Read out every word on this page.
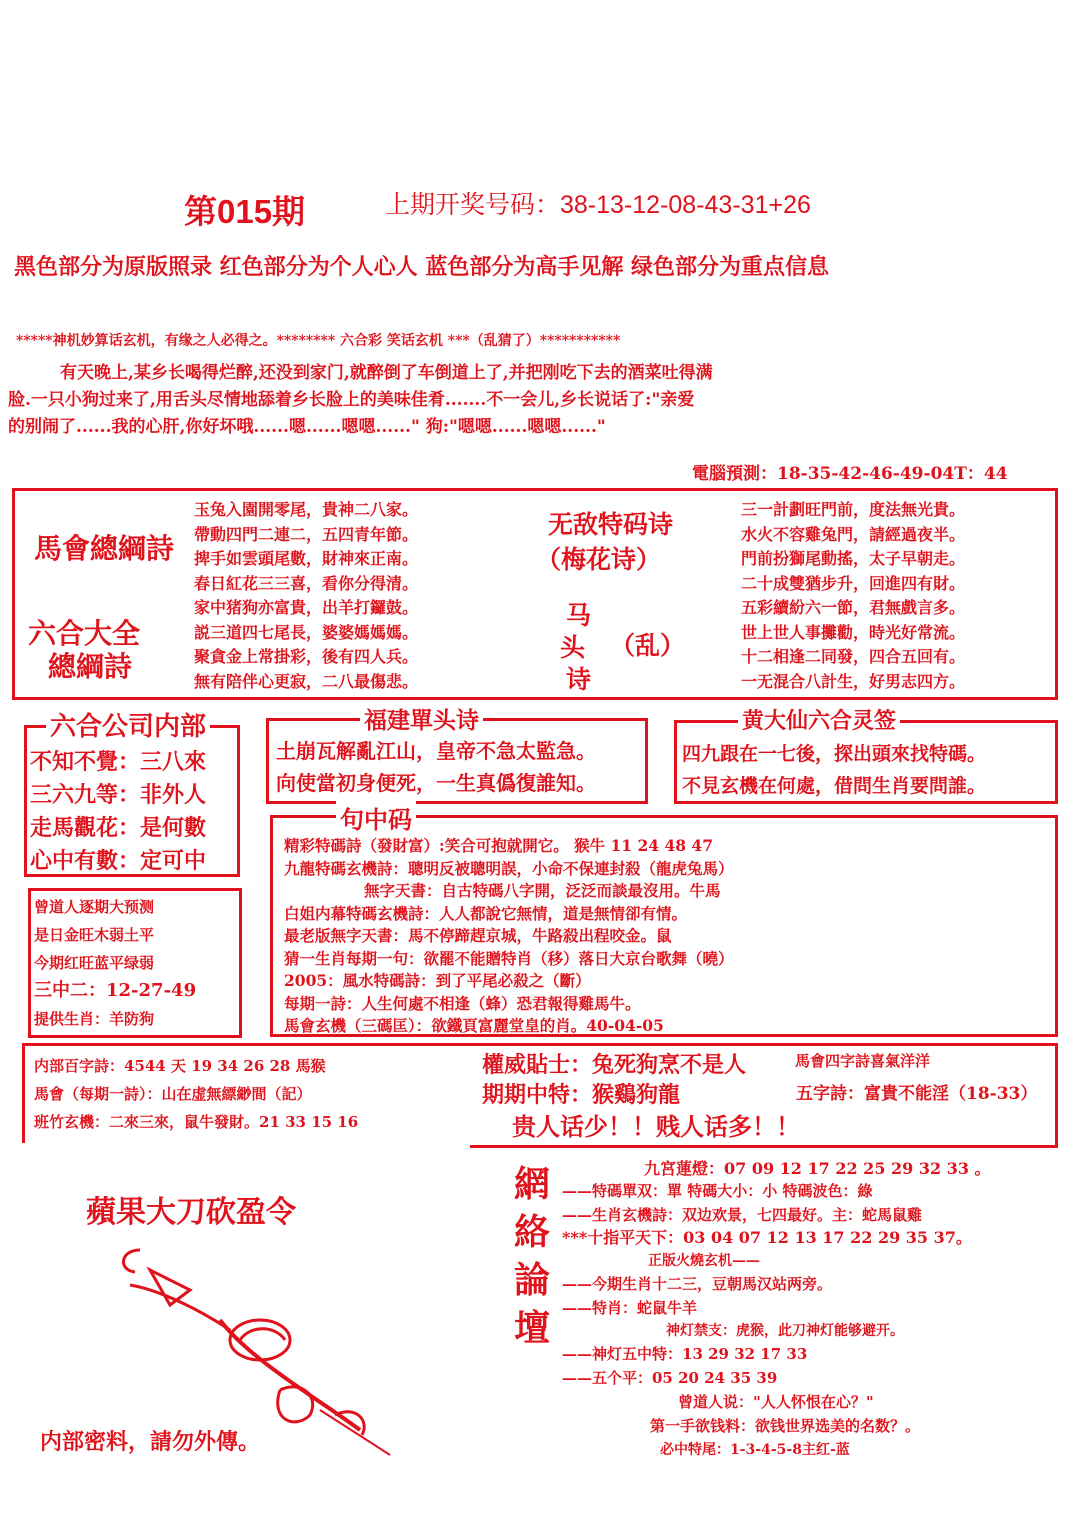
第015期	上期开奖号码：38-13-12-08-43-31+26
黑色部分为原版照录 红色部分为个人心人 蓝色部分为高手见解 绿色部分为重点信息
*****神机妙算话玄机，有缘之人必得之。******** 六合彩 笑话玄机 ***（乱猜了）***********
有天晚上,某乡长喝得烂醉,还没到家门,就醉倒了车倒道上了,并把刚吃下去的酒菜吐得满
脸.一只小狗过来了,用舌头尽情地舔着乡长脸上的美味佳肴.......不一会儿,乡长说话了:"亲爱
的别闹了......我的心肝,你好坏哦......嗯......嗯嗯......" 狗:"嗯嗯......嗯嗯......"
電腦預測：18-35-42-46-49-04T：44
馬會總綱詩
六合大全
總綱詩
玉兔入園開零尾，貴神二八家。
帶動四門二連二，五四青年節。
捭手如雲頭尾數，財神來正南。
春日紅花三三喜，看你分得清。
家中猪狗亦富貴，出羊打鑼鼓。
説三道四七尾長，婆婆媽媽媽。
聚貪金上常掛彩，後有四人兵。
無有陪伴心更寂，二八最傷悲。
无敌特码诗
（梅花诗）
马
头
诗
（乱）
三一計劃旺門前，度法無光貴。
水火不容雞兔門，請經過夜半。
門前扮獅尾動搖，太子早朝走。
二十成雙猶步升，回進四有財。
五彩續紛六一節，君無戲言多。
世上世人事攤勸，時光好常流。
十二相逢二同發，四合五回有。
一无混合八計生，好男志四方。
六合公司内部
不知不覺：三八來
三六九等：非外人
走馬觀花：是何數
心中有數：定可中
福建單头诗
土崩瓦解亂江山，皇帝不急太監急。
向使當初身便死，一生真僞復誰知。
黄大仙六合灵签
四九跟在一七後，探出頭來找特碼。
不見玄機在何處，借問生肖要問誰。
曾道人逐期大预测
是日金旺木弱土平
今期红旺蓝平绿弱
三中二：12-27-49
提供生肖：羊防狗
句中码
精彩特碼詩（發財富）:笑合可抱就開它。 猴牛 11 24 48 47
九龍特碼玄機詩：聰明反被聰明誤，小命不保連封殺（龍虎兔馬）
無字天書：自古特碼八字開，泛泛而談最沒用。牛馬
白姐内幕特碼玄機詩：人人都說它無情，道是無情卻有情。
最老版無字天書：馬不停蹄趕京城，牛路殺出程咬金。鼠
猜一生肖每期一句：欲罷不能贈特肖（移）落日大京台歌舞（曉）
2005：風水特碼詩：到了平尾必殺之（斷）
每期一詩：人生何處不相逢（蜂）恐君報得雞馬牛。
馬會玄機（三碼匡）：欲鐵頁富麗堂皇的肖。40-04-05
内部百字詩：4544 天 19 34 26 28 馬猴
馬會（每期一詩）：山在虚無縹緲間（記）
班竹玄機：二來三來，鼠牛發財。21 33 15 16
權威貼士：兔死狗烹不是人
期期中特：猴鷄狗龍
贵人话少！！贱人话多！！
馬會四字詩喜氣洋洋
五字詩：富貴不能淫（18-33）
蘋果大刀砍盈令
内部密料，請勿外傳。
網
絡
論
壇
九宮蓮燈：07 09 12 17 22 25 29 32 33 。
——特碼單双：單 特碼大小：小 特碼波色：綠
——生肖玄機詩：双边欢景，七四最好。主：蛇馬鼠雞
***十指平天下：03 04 07 12 13 17 22 29 35 37。
正版火燒玄机——
——今期生肖十二三，豆朝馬汉站两旁。
——特肖：蛇鼠牛羊
神灯禁支：虎猴，此刀神灯能够避开。
——神灯五中特：13 29 32 17 33
——五个平：05 20 24 35 39
曾道人说："人人怀恨在心？"
第一手欲钱料：欲钱世界选美的名数？。
必中特尾：1-3-4-5-8主红-蓝
